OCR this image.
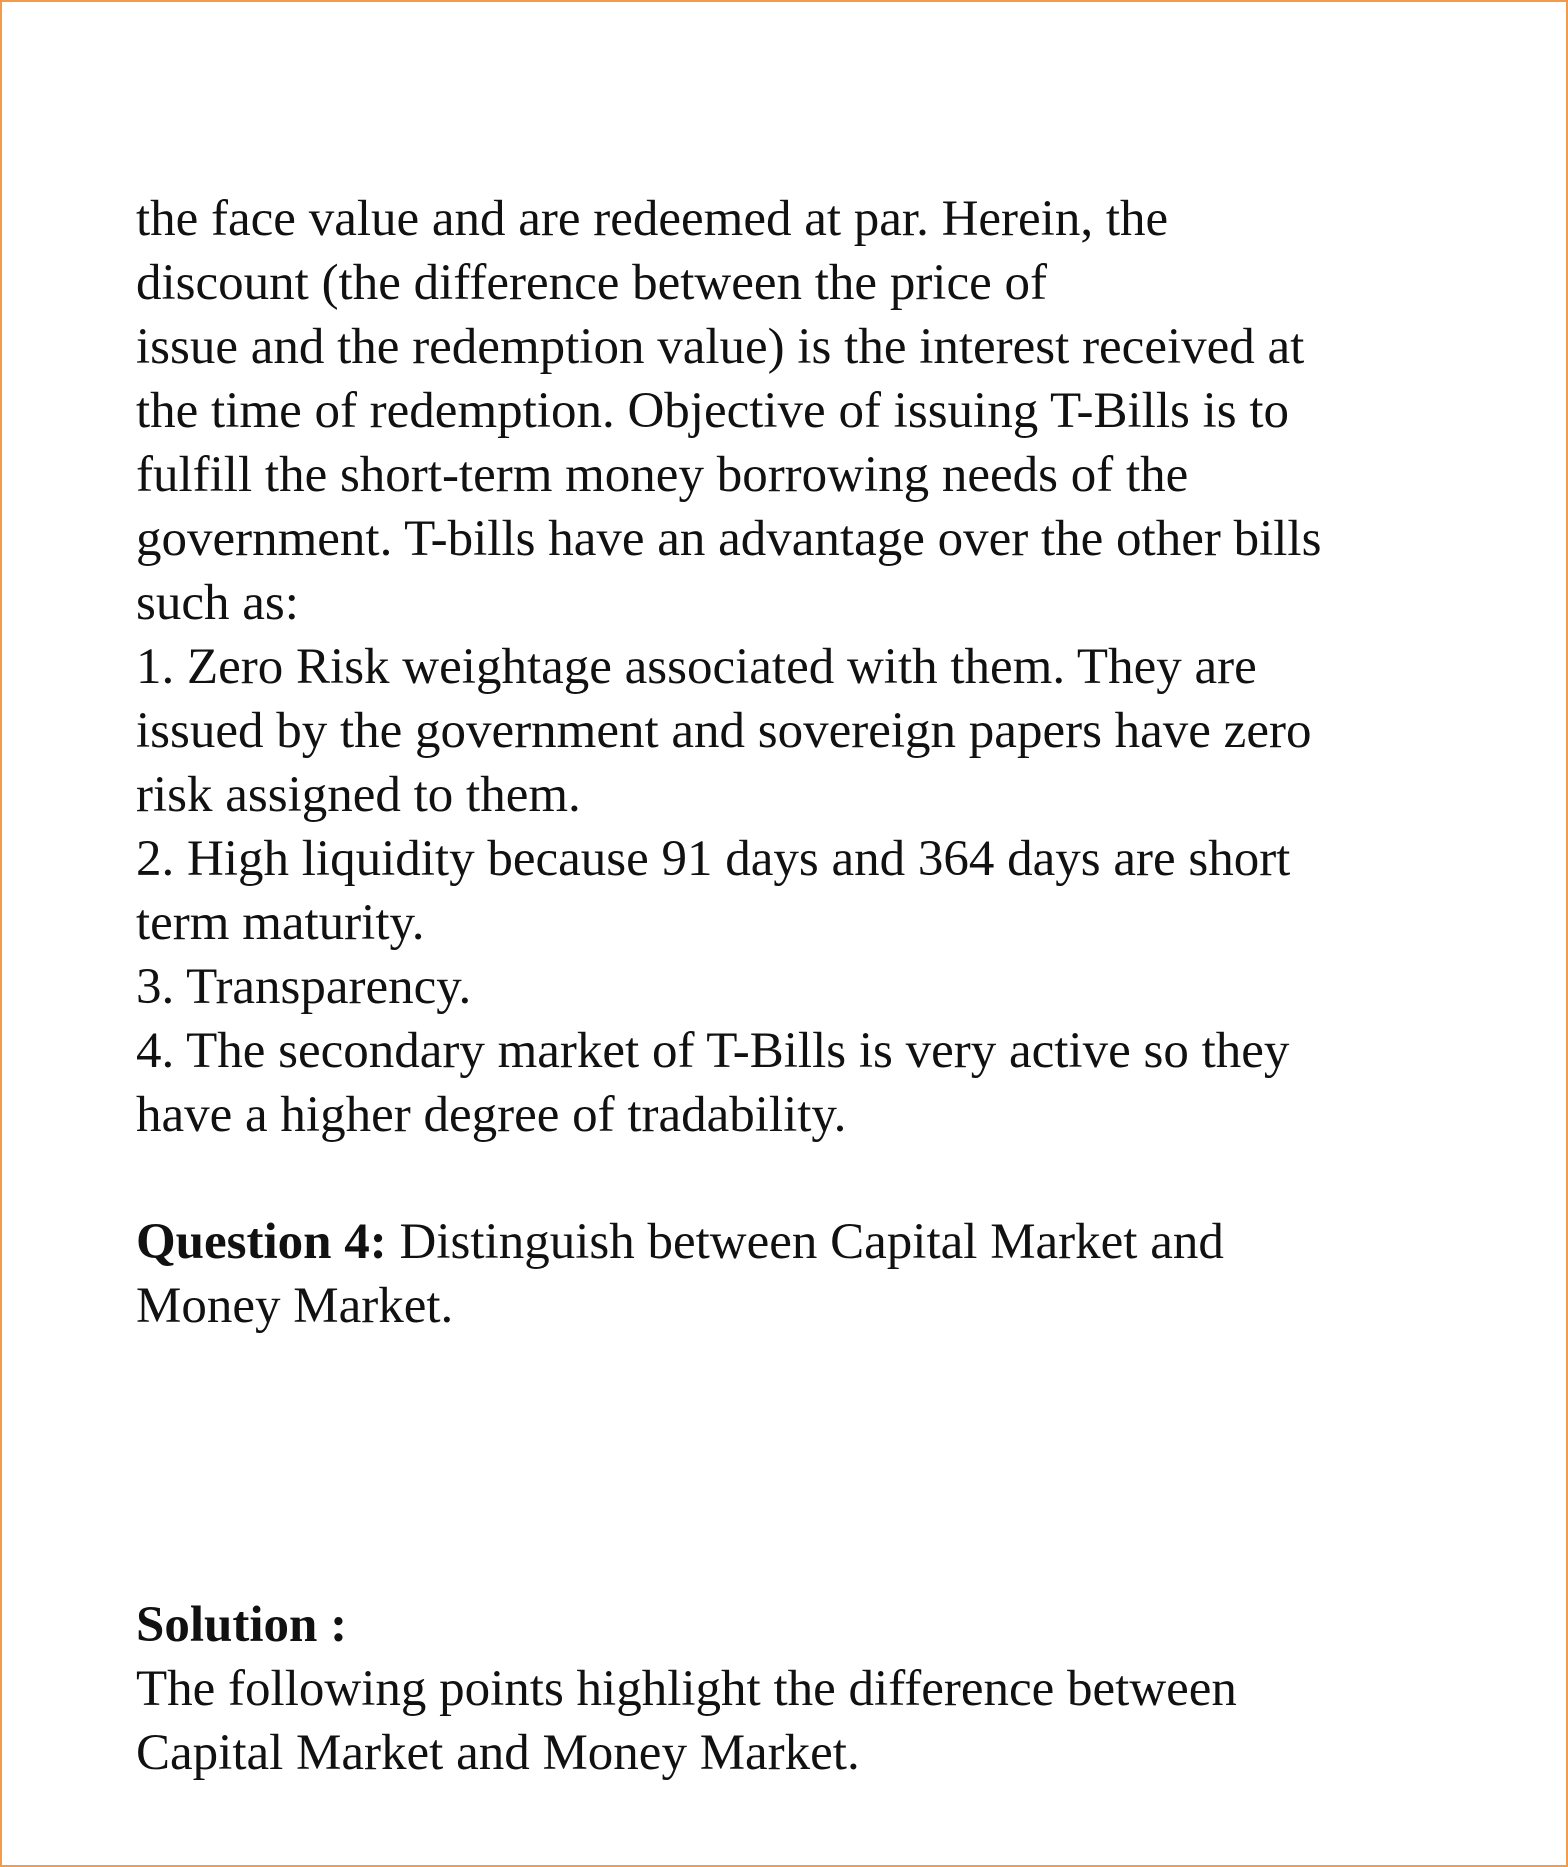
the face value and are redeemed at par. Herein, the
discount (the difference between the price of
issue and the redemption value) is the interest received at
the time of redemption. Objective of issuing T-Bills is to
fulfill the short-term money borrowing needs of the
government. T-bills have an advantage over the other bills
such as:
1. Zero Risk weightage associated with them. They are
issued by the government and sovereign papers have zero
risk assigned to them.
2. High liquidity because 91 days and 364 days are short
term maturity.
3. Transparency.
4. The secondary market of T-Bills is very active so they
have a higher degree of tradability.
Question 4: Distinguish between Capital Market and
Money Market.
Solution :
The following points highlight the difference between
Capital Market and Money Market.
